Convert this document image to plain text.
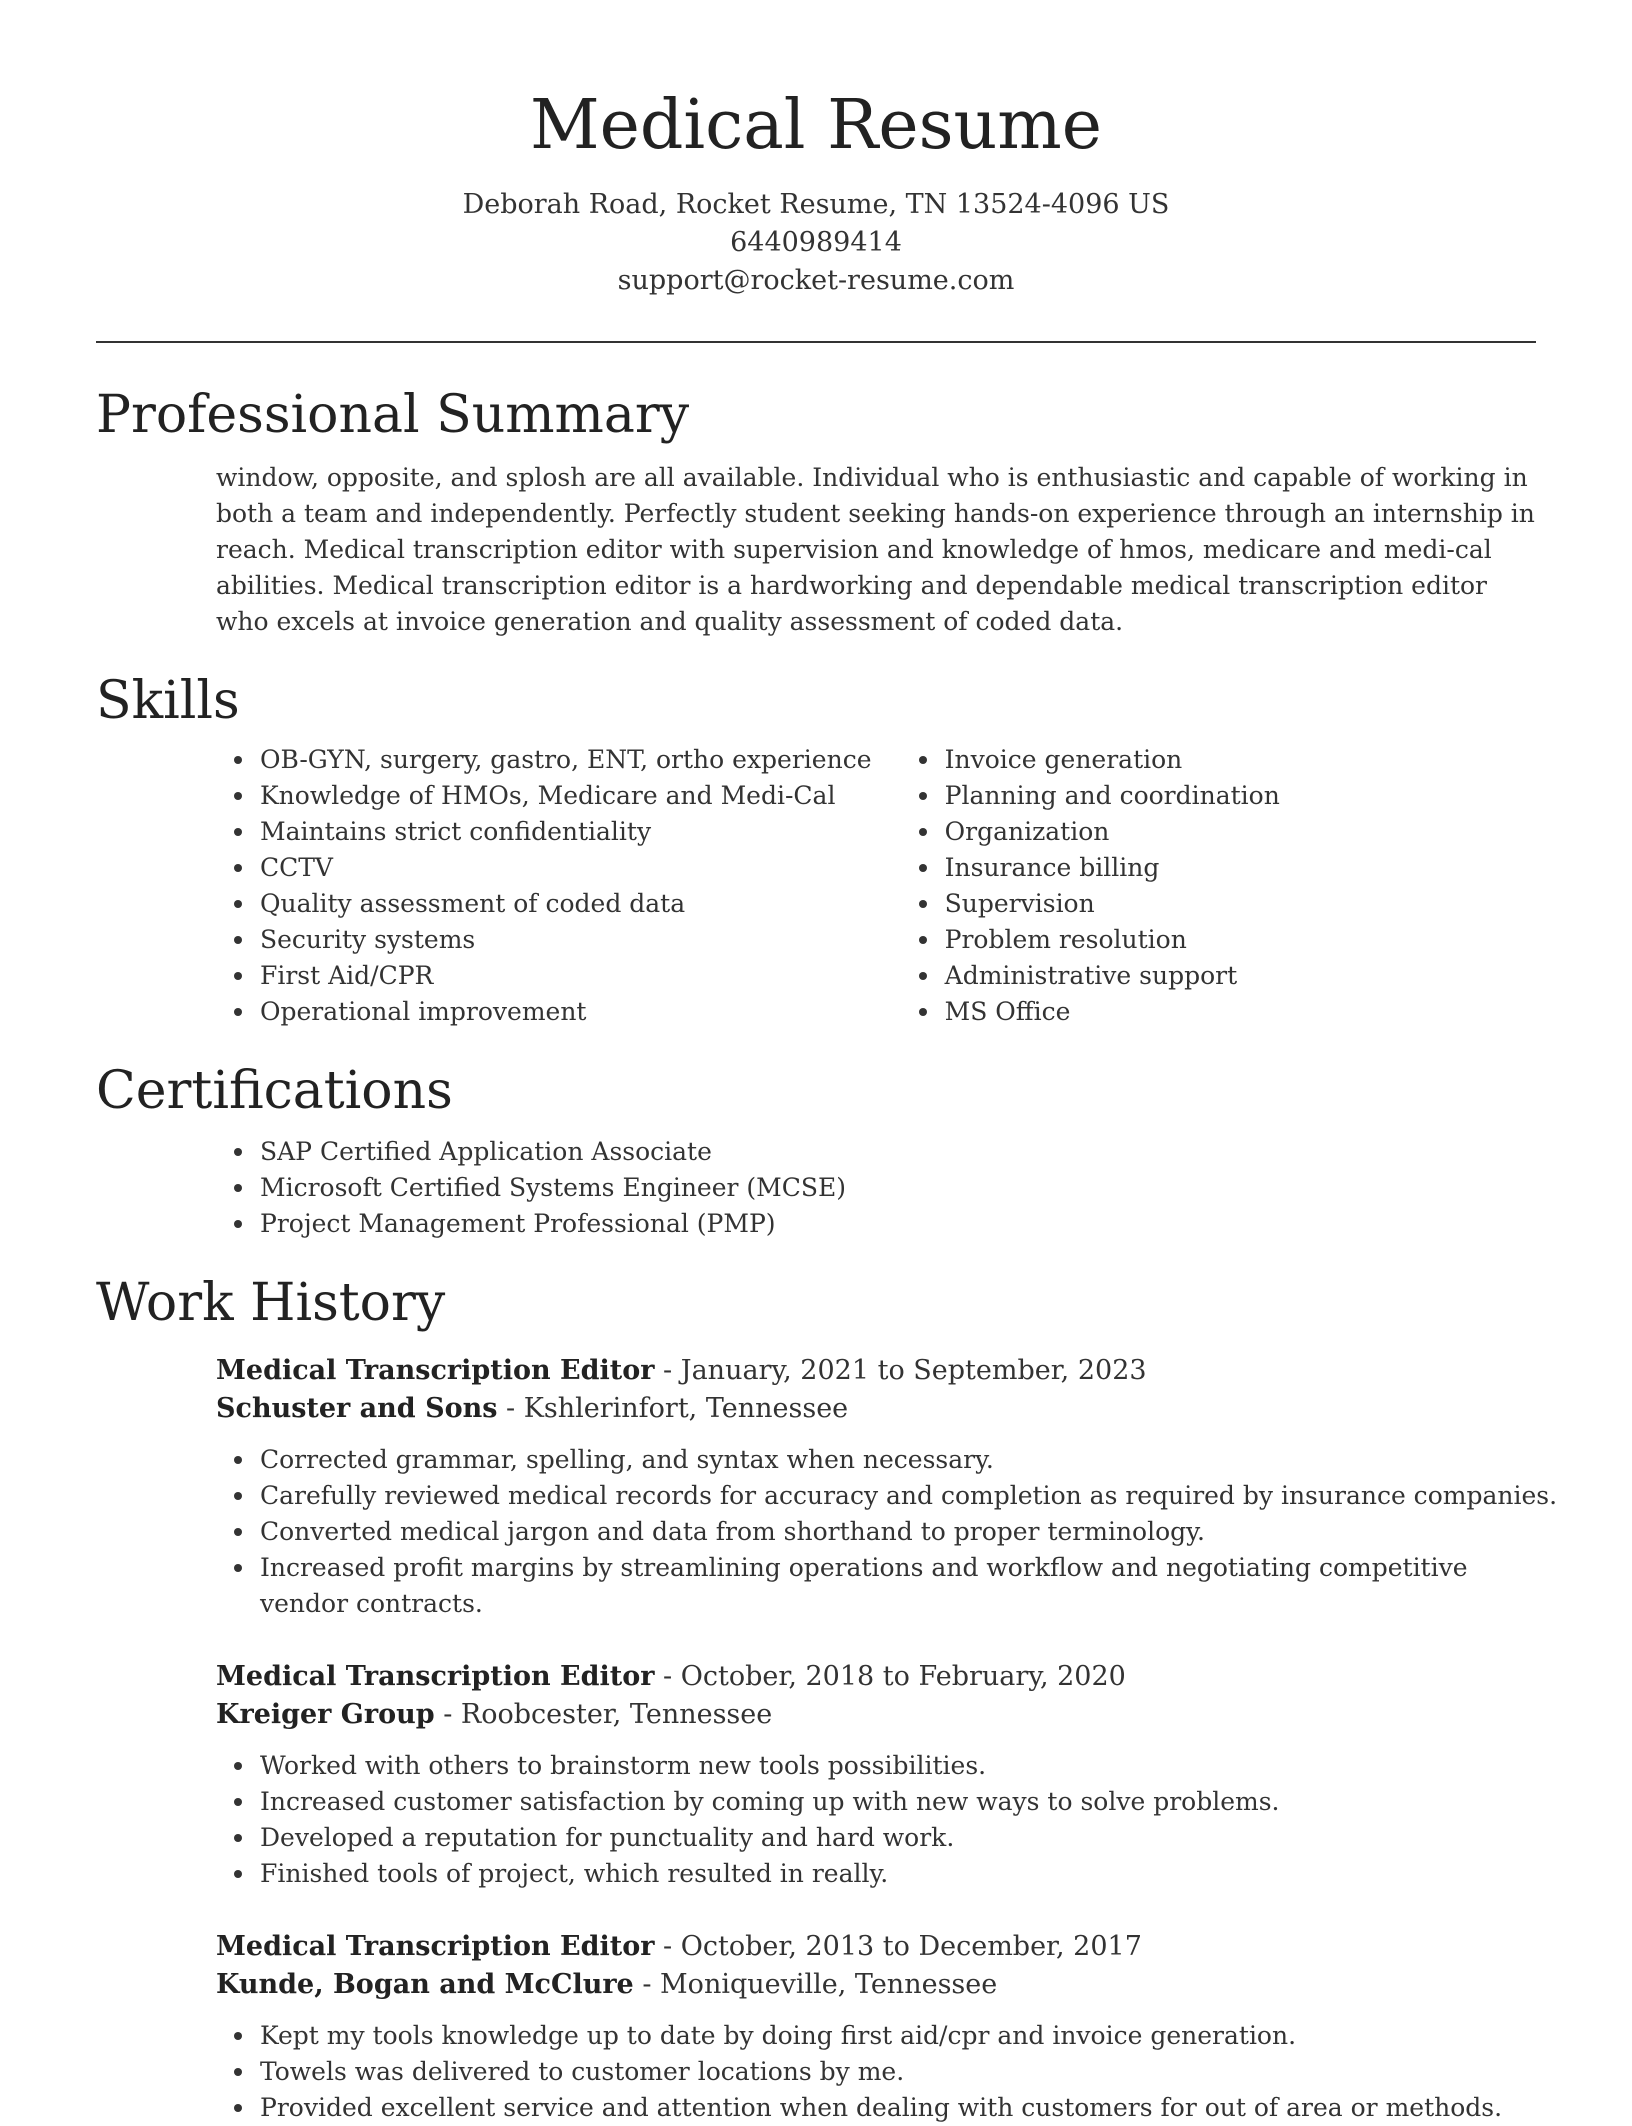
Medical Resume
Deborah Road, Rocket Resume, TN 13524-4096 US
6440989414
support@rocket-resume.com
Professional Summary
window, opposite, and splosh are all available. Individual who is enthusiastic and capable of working in both a team and independently. Perfectly student seeking hands-on experience through an internship in reach. Medical transcription editor with supervision and knowledge of hmos, medicare and medi-cal abilities. Medical transcription editor is a hardworking and dependable medical transcription editor who excels at invoice generation and quality assessment of coded data.
Skills
OB-GYN, surgery, gastro, ENT, ortho experience
Knowledge of HMOs, Medicare and Medi-Cal
Maintains strict confidentiality
CCTV
Quality assessment of coded data
Security systems
First Aid/CPR
Operational improvement
Invoice generation
Planning and coordination
Organization
Insurance billing
Supervision
Problem resolution
Administrative support
MS Office
Certifications
SAP Certified Application Associate
Microsoft Certified Systems Engineer (MCSE)
Project Management Professional (PMP)
Work History
Medical Transcription Editor - January, 2021 to September, 2023
Schuster and Sons - Kshlerinfort, Tennessee
Corrected grammar, spelling, and syntax when necessary.
Carefully reviewed medical records for accuracy and completion as required by insurance companies.
Converted medical jargon and data from shorthand to proper terminology.
Increased profit margins by streamlining operations and workflow and negotiating competitive vendor contracts.
Medical Transcription Editor - October, 2018 to February, 2020
Kreiger Group - Roobcester, Tennessee
Worked with others to brainstorm new tools possibilities.
Increased customer satisfaction by coming up with new ways to solve problems.
Developed a reputation for punctuality and hard work.
Finished tools of project, which resulted in really.
Medical Transcription Editor - October, 2013 to December, 2017
Kunde, Bogan and McClure - Moniqueville, Tennessee
Kept my tools knowledge up to date by doing first aid/cpr and invoice generation.
Towels was delivered to customer locations by me.
Provided excellent service and attention when dealing with customers for out of area or methods.
